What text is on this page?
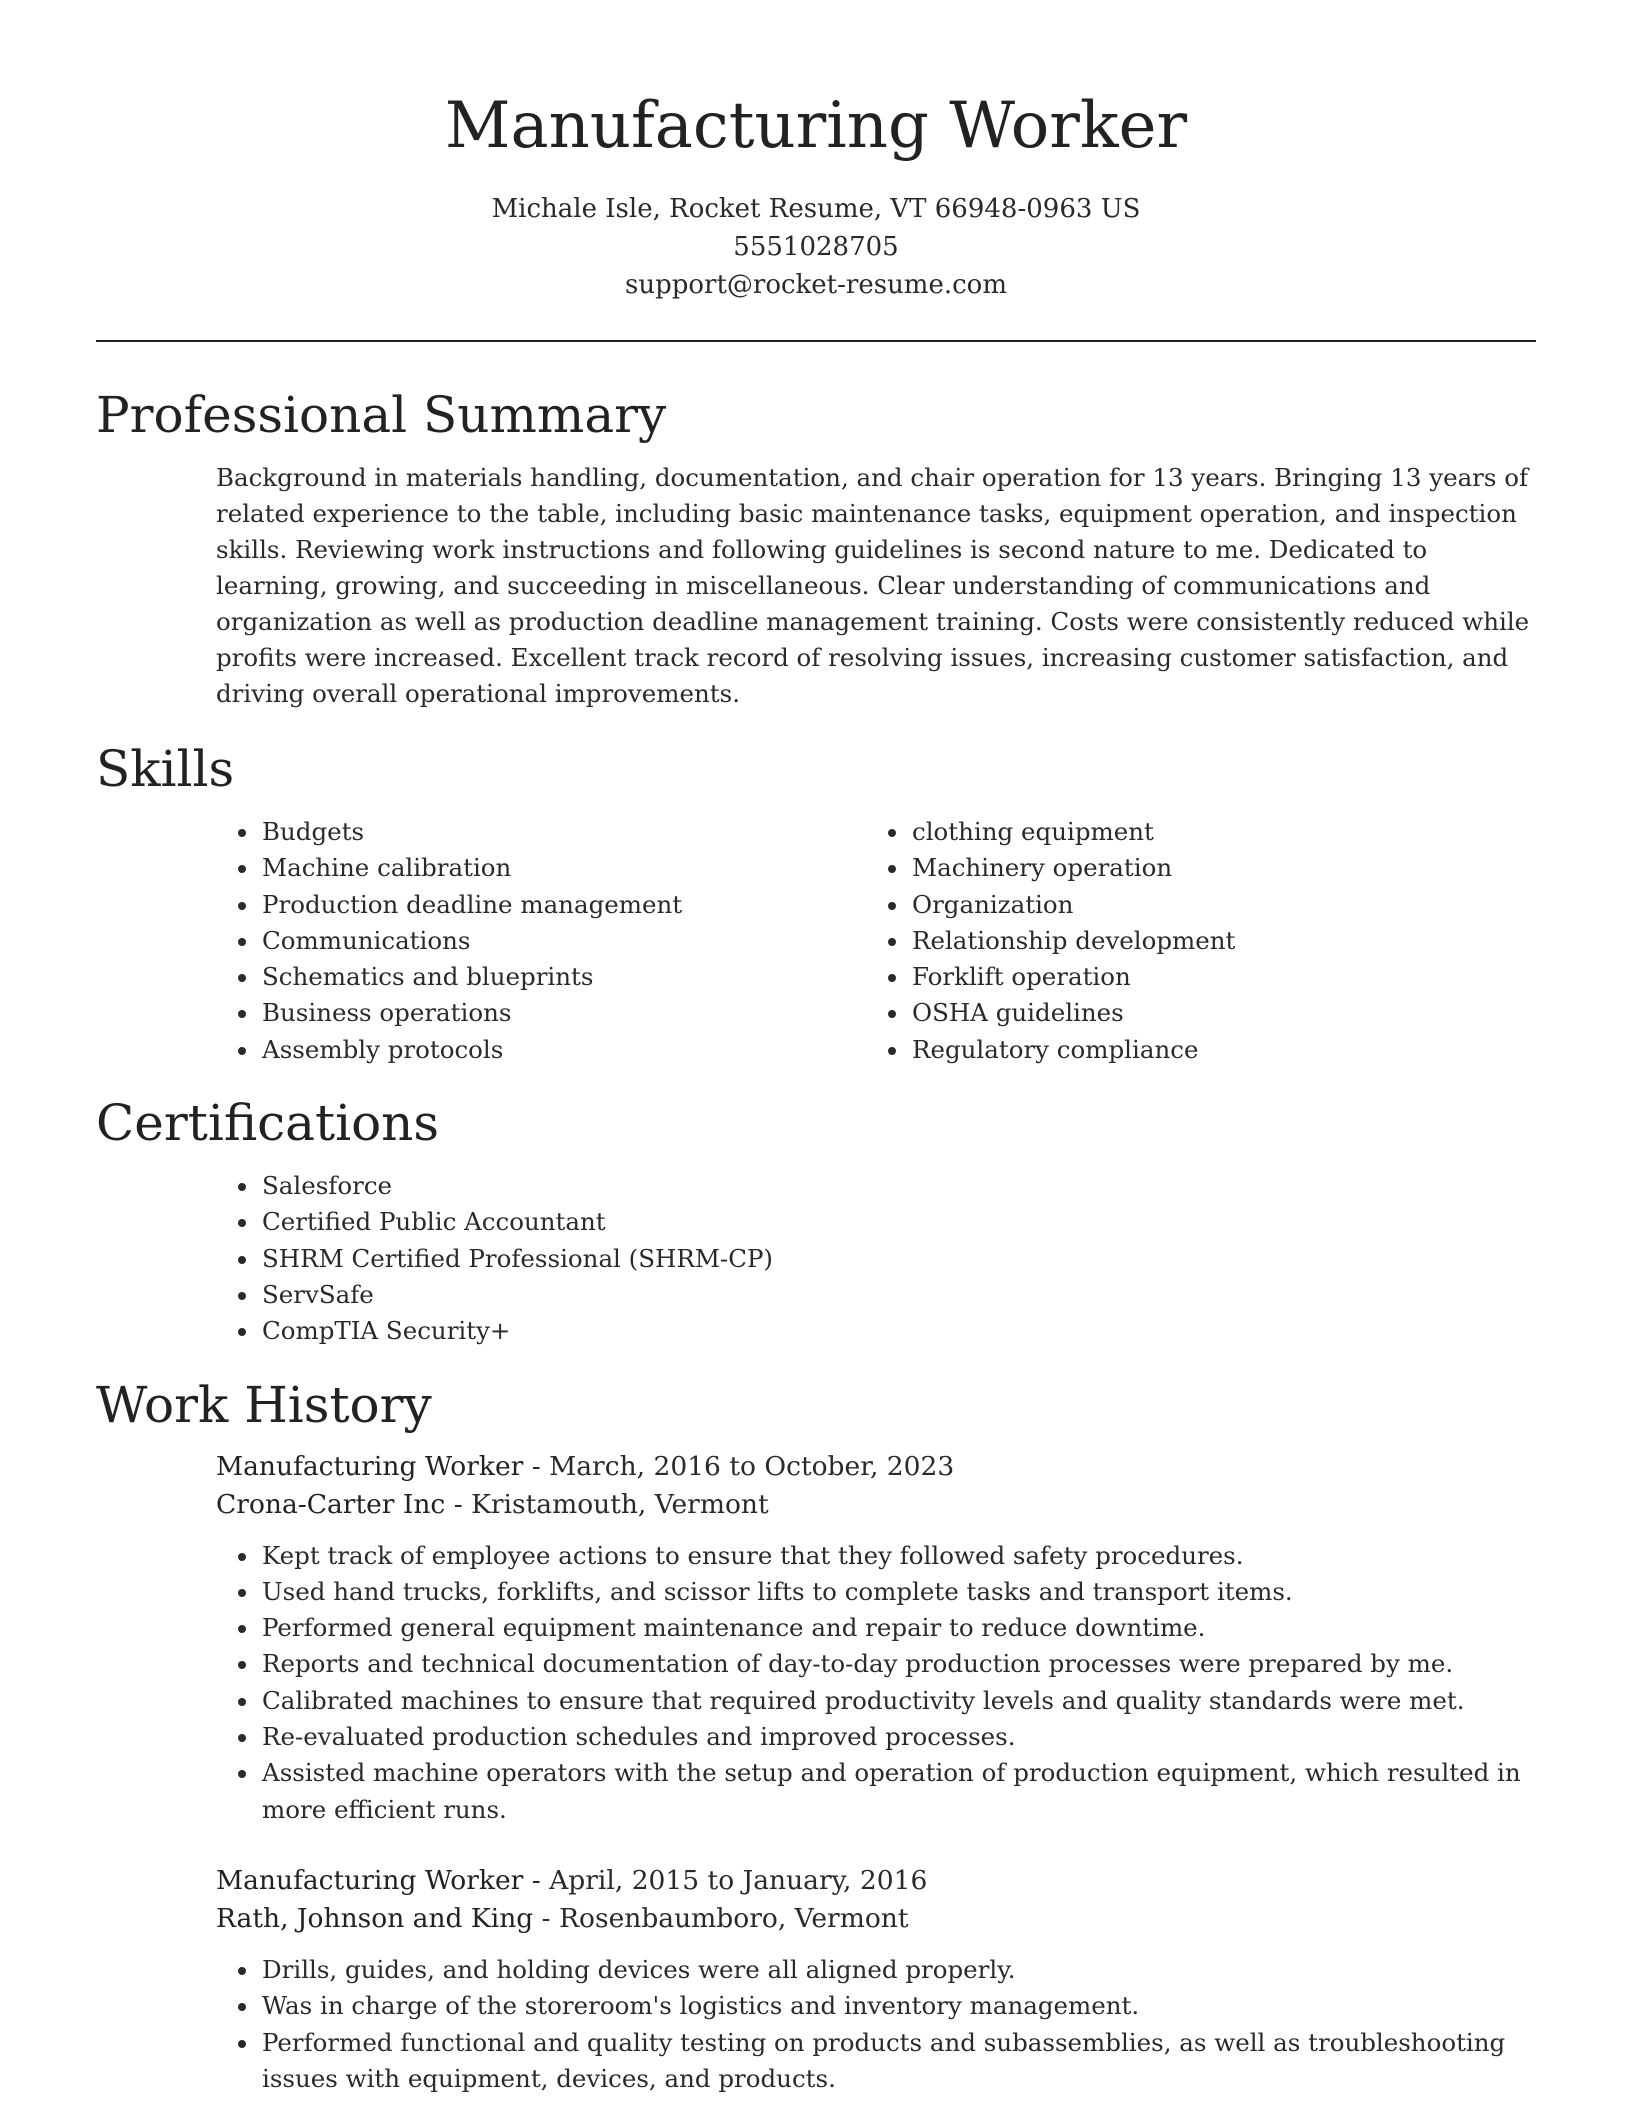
Manufacturing Worker
Michale Isle, Rocket Resume, VT 66948-0963 US
5551028705
support@rocket-resume.com
Professional Summary

Background in materials handling, documentation, and chair operation for 13 years. Bringing 13 years of related experience to the table, including basic maintenance tasks, equipment operation, and inspection skills. Reviewing work instructions and following guidelines is second nature to me. Dedicated to learning, growing, and succeeding in miscellaneous. Clear understanding of communications and organization as well as production deadline management training. Costs were consistently reduced while profits were increased. Excellent track record of resolving issues, increasing customer satisfaction, and driving overall operational improvements.

Skills
• Budgets
• Machine calibration
• Production deadline management
• Communications
• Schematics and blueprints
• Business operations
• Assembly protocols
• clothing equipment
• Machinery operation
• Organization
• Relationship development
• Forklift operation
• OSHA guidelines
• Regulatory compliance
Certifications
• Salesforce
• Certified Public Accountant
• SHRM Certified Professional (SHRM-CP)
• ServSafe
• CompTIA Security+
Work History
Manufacturing Worker - March, 2016 to October, 2023
Crona-Carter Inc - Kristamouth, Vermont
• Kept track of employee actions to ensure that they followed safety procedures.
• Used hand trucks, forklifts, and scissor lifts to complete tasks and transport items.
• Performed general equipment maintenance and repair to reduce downtime.
• Reports and technical documentation of day-to-day production processes were prepared by me.
• Calibrated machines to ensure that required productivity levels and quality standards were met.
• Re-evaluated production schedules and improved processes.
• Assisted machine operators with the setup and operation of production equipment, which resulted in more efficient runs.
Manufacturing Worker - April, 2015 to January, 2016
Rath, Johnson and King - Rosenbaumboro, Vermont
• Drills, guides, and holding devices were all aligned properly.
• Was in charge of the storeroom's logistics and inventory management.
• Performed functional and quality testing on products and subassemblies, as well as troubleshooting issues with equipment, devices, and products.
